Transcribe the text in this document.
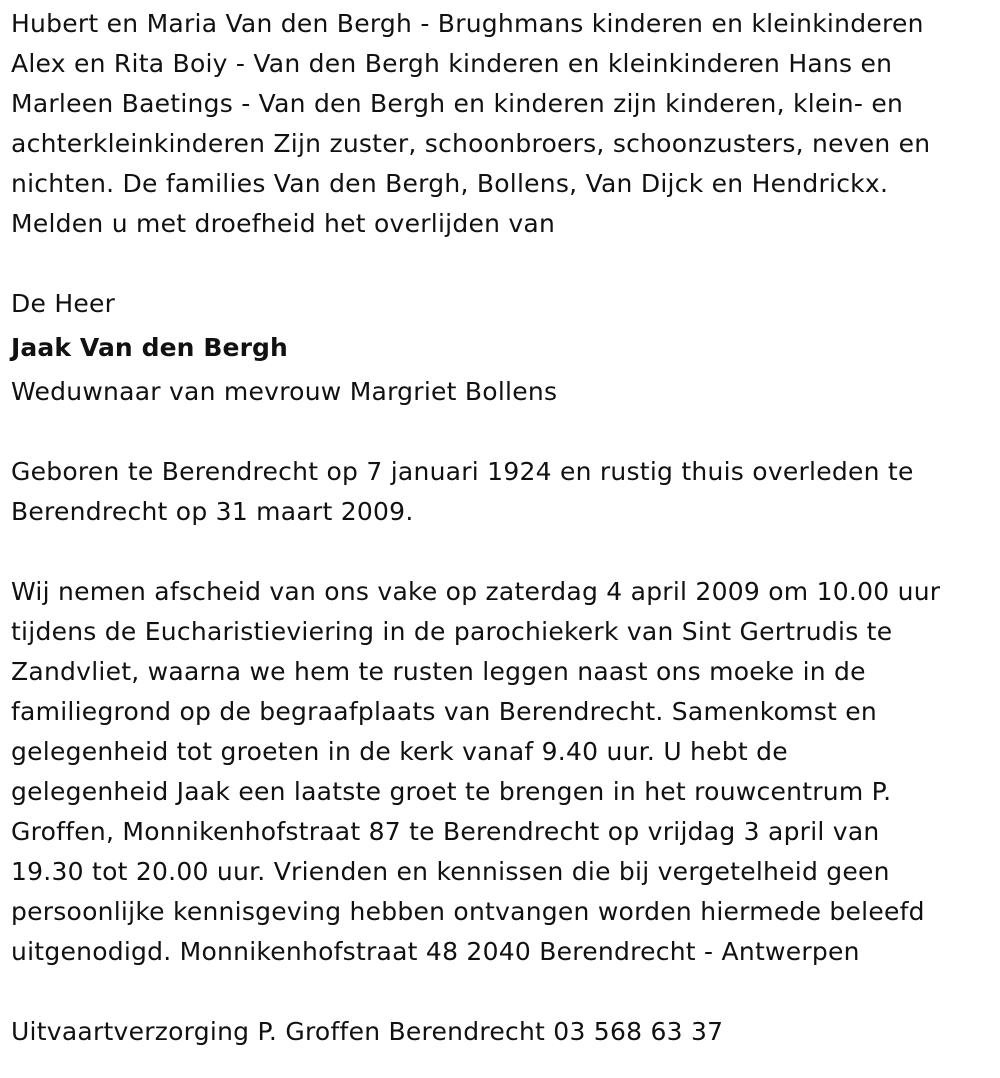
Hubert en Maria Van den Bergh - Brughmans kinderen en kleinkinderen
Alex en Rita Boiy - Van den Bergh kinderen en kleinkinderen Hans en
Marleen Baetings - Van den Bergh en kinderen zijn kinderen, klein- en
achterkleinkinderen Zijn zuster, schoonbroers, schoonzusters, neven en
nichten. De families Van den Bergh, Bollens, Van Dijck en Hendrickx.
Melden u met droefheid het overlijden van
De Heer
Jaak Van den Bergh
Weduwnaar van mevrouw Margriet Bollens
Geboren te Berendrecht op 7 januari 1924 en rustig thuis overleden te
Berendrecht op 31 maart 2009.
Wij nemen afscheid van ons vake op zaterdag 4 april 2009 om 10.00 uur
tijdens de Eucharistieviering in de parochiekerk van Sint Gertrudis te
Zandvliet, waarna we hem te rusten leggen naast ons moeke in de
familiegrond op de begraafplaats van Berendrecht. Samenkomst en
gelegenheid tot groeten in de kerk vanaf 9.40 uur. U hebt de
gelegenheid Jaak een laatste groet te brengen in het rouwcentrum P.
Groffen, Monnikenhofstraat 87 te Berendrecht op vrijdag 3 april van
19.30 tot 20.00 uur. Vrienden en kennissen die bij vergetelheid geen
persoonlijke kennisgeving hebben ontvangen worden hiermede beleefd
uitgenodigd. Monnikenhofstraat 48 2040 Berendrecht - Antwerpen
Uitvaartverzorging P. Groffen Berendrecht 03 568 63 37
